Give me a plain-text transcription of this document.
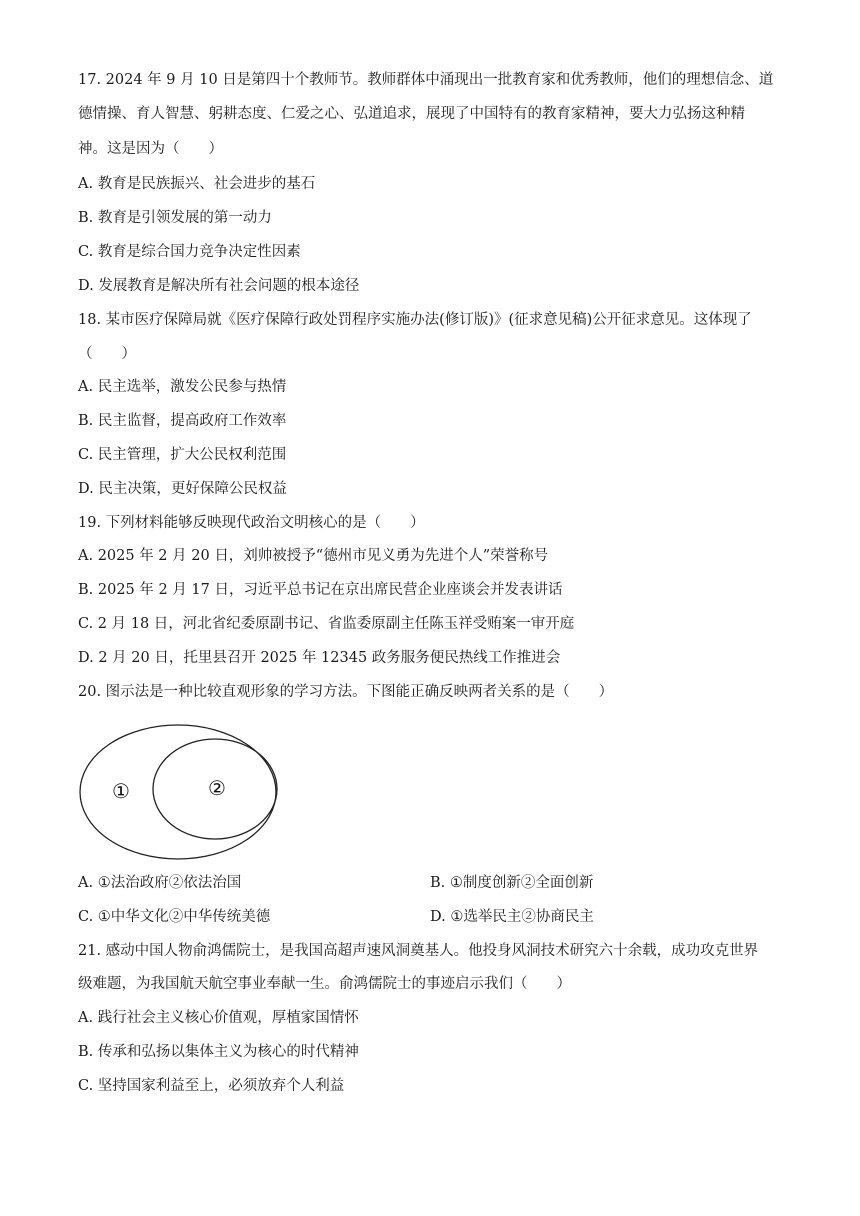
17. 2024 年 9 月 10 日是第四十个教师节。教师群体中涌现出一批教育家和优秀教师，他们的理想信念、道
德情操、育人智慧、躬耕态度、仁爱之心、弘道追求，展现了中国特有的教育家精神，要大力弘扬这种精
神。这是因为（　　）
A. 教育是民族振兴、社会进步的基石
B. 教育是引领发展的第一动力
C. 教育是综合国力竞争决定性因素
D. 发展教育是解决所有社会问题的根本途径
18. 某市医疗保障局就《医疗保障行政处罚程序实施办法(修订版)》(征求意见稿)公开征求意见。这体现了
（　　）
A. 民主选举，激发公民参与热情
B. 民主监督，提高政府工作效率
C. 民主管理，扩大公民权利范围
D. 民主决策，更好保障公民权益
19. 下列材料能够反映现代政治文明核心的是（　　）
A. 2025 年 2 月 20 日，刘帅被授予“德州市见义勇为先进个人”荣誉称号
B. 2025 年 2 月 17 日，习近平总书记在京出席民营企业座谈会并发表讲话
C. 2 月 18 日，河北省纪委原副书记、省监委原副主任陈玉祥受贿案一审开庭
D. 2 月 20 日，托里县召开 2025 年 12345 政务服务便民热线工作推进会
20. 图示法是一种比较直观形象的学习方法。下图能正确反映两者关系的是（　　）
①	②
A. ①法治政府②依法治国	B. ①制度创新②全面创新
C. ①中华文化②中华传统美德	D. ①选举民主②协商民主
21. 感动中国人物俞鸿儒院士，是我国高超声速风洞奠基人。他投身风洞技术研究六十余载，成功攻克世界
级难题，为我国航天航空事业奉献一生。俞鸿儒院士的事迹启示我们（　　）
A. 践行社会主义核心价值观，厚植家国情怀
B. 传承和弘扬以集体主义为核心的时代精神
C. 坚持国家利益至上，必须放弃个人利益
